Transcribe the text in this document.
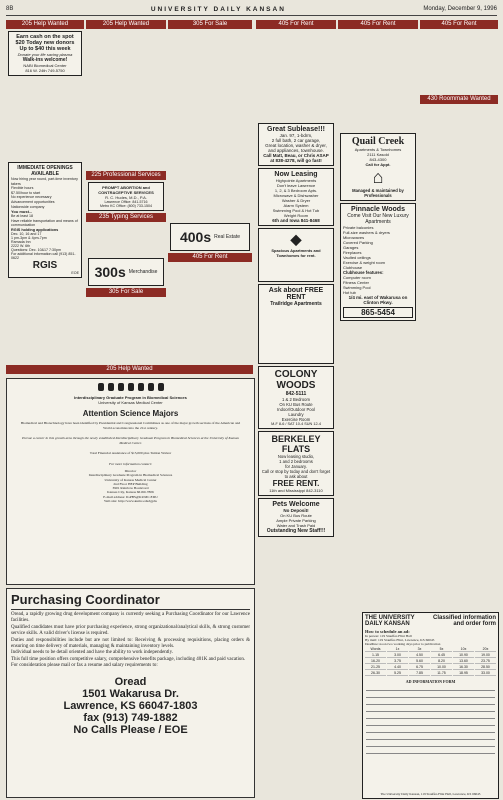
8B	UNIVERSITY DAILY KANSAN	Monday, December 9, 1996
205 Help Wanted
Earn cash on the spot
$20 Today new donors
Up to $40 this week
Donate your life saving plasma
Walk-ins welcome!
NABI Biomedical Center
816 W. 24th 749-5750

IMMEDIATE OPENINGS AVAILABLE
Now hiring year round, part-time inventory takers
Flexible hours
$7.50/hour to start
No experience necessary
Advancement opportunities
Nationwide company
You must...
Be at least 18
Have reliable transportation and means of communication
RGIS holding applications
Dec. 10, 16 and 17
1 pm-3pm & 4pm-7pm
Ramada Inn
2222 W. 6th
Questions: Dec. 10&17 7:30pm
For additional information call (913) 851-0622
RGIS
EOE
205 Help Wanted
225 Professional Services
PROMPT ABORTION and CONTRACEPTIVE SERVICES
R. C. Hudes, M.D., P.A.
Lawrence Office: 841-5716
Metro KC Office: (800) 733-1504
235 Typing Services
300s Merchandise
305 For Sale
305 For Sale
400s Real Estate
405 For Rent
205 Help Wanted
Interdisciplinary Graduate Program in Biomedical Sciences
University of Kansas Medical Center
Attention Science Majors
Biomedical and Biotechnology have been identified by Presidential and Congressional Committees as one of the major growth sections of the American and World economies into the 21st century.
Pursue a career in this growth area through the newly established Interdisciplinary Graduate Program in Biomedical Sciences at the University of Kansas Medical Center.
Total Financial Assistance of $15,000 plus Tuition Waiver
For more information contact:
Director
Interdisciplinary Graduate Program in Biomedical Sciences
University of Kansas Medical Center
2nd Floor HEP Building
3901 Rainbow Boulevard
Kansas City, Kansas 66160-7806
E-mail address: IGPBS@KUMC.EDU
Web site: http://www.kumc.edu/igpbs
Purchasing Coordinator
Oread, a rapidly growing drug development company is currently seeking a Purchasing Coordinator for our Lawrence facilities.
Qualified candidates must have prior purchasing experience, strong organizational/analytical skills, & strong customer service skills. A valid driver's license is required.
Duties and responsibilities include but are not limited to: Receiving & processing requisitions, placing orders & ensuring on time delivery of materials, managing & maintaining inventory levels.
Individual needs to be detail oriented and have the ability to work independently.
This full time position offers competitive salary, comprehensive benefits package, including 401K and paid vacation.
For consideration please mail or fax a resume and salary requirements to:
Oread
1501 Wakarusa Dr.
Lawrence, KS 66047-1803
fax (913) 749-1882
No Calls Please / EOE
405 For Rent
Great Sublease!!!
Jan. 97, 1-bdrm,
2 full bath, 2 car garage,
Great location, washer & dryer, and appliances, townhouse.
Call Matt, Beau, or Chris ASAP at 838-4278, will go fast!
Now Leasing
Highpointe Apartments
Don't leave Lawrence
1, 2, & 3 Bedroom Apts.
Microwave & Dishwasher
Washer & Dryer
Alarm System
Swimming Pool & Hot Tub
Weight Room
6th and Iowa 841-8468
◆
Spacious Apartments and Townhomes for rent.
Ask about FREE RENT
Trailridge Apartments
COLONY WOODS
842-5111
1 & 2 Bedroom
On KU Bus Route
Indoor/Outdoor Pool
Laundry
Exercise Room
M-F 8-6 / SAT 10-4 SUN 12-4
BERKELEY FLATS
Now leasing studio,
1 and 2 bedrooms
for January.
Call or stop by today and don't forget to ask about
FREE RENT.
11th and Mississippi 842-3110
Pets Welcome
No Deposit!
On KU Bus Route
Ample Private Parking
Water and Trash Paid
Outstanding New Staff!!!
405 For Rent
Quail Creek
Apartments & Townhomes
2111 Kasold
843-4300
Call for Appt.
⌂
Managed & maintained by Professionals
Pinnacle Woods
Come Visit Our New Luxury Apartments
Private balconies
Full-size washers & dryers
Microwaves
Covered Parking
Garages
Fireplaces
Vaulted ceilings
Exercise & weight room
Clubhouse
Clubhouse features:
Computer room
Fitness Center
Swimming Pool
Hot tub
1/4 mi. east of Wakarusa on Clinton Pkwy.
865-5454
405 For Rent
430 Roommate Wanted
THE UNIVERSITY DAILY KANSAN
Classified information and order form
How to schedule an ad:
In person: 119 Stauffer-Flint Hall
By mail: 119 Stauffer-Flint, Lawrence, KS 66045
Deadline: noon two working days prior to publication
Words	1x	3x	5x	10x	20x
1-15	3.00	4.50	6.45	10.90	19.00
16-20	3.75	5.60	8.20	13.60	23.75
21-25	4.40	6.75	10.00	16.30	28.50
26-30	5.25	7.85	11.75	18.95	33.00
AD INFORMATION FORM
The University Daily Kansan, 119 Stauffer-Flint Hall, Lawrence, KS 66045
